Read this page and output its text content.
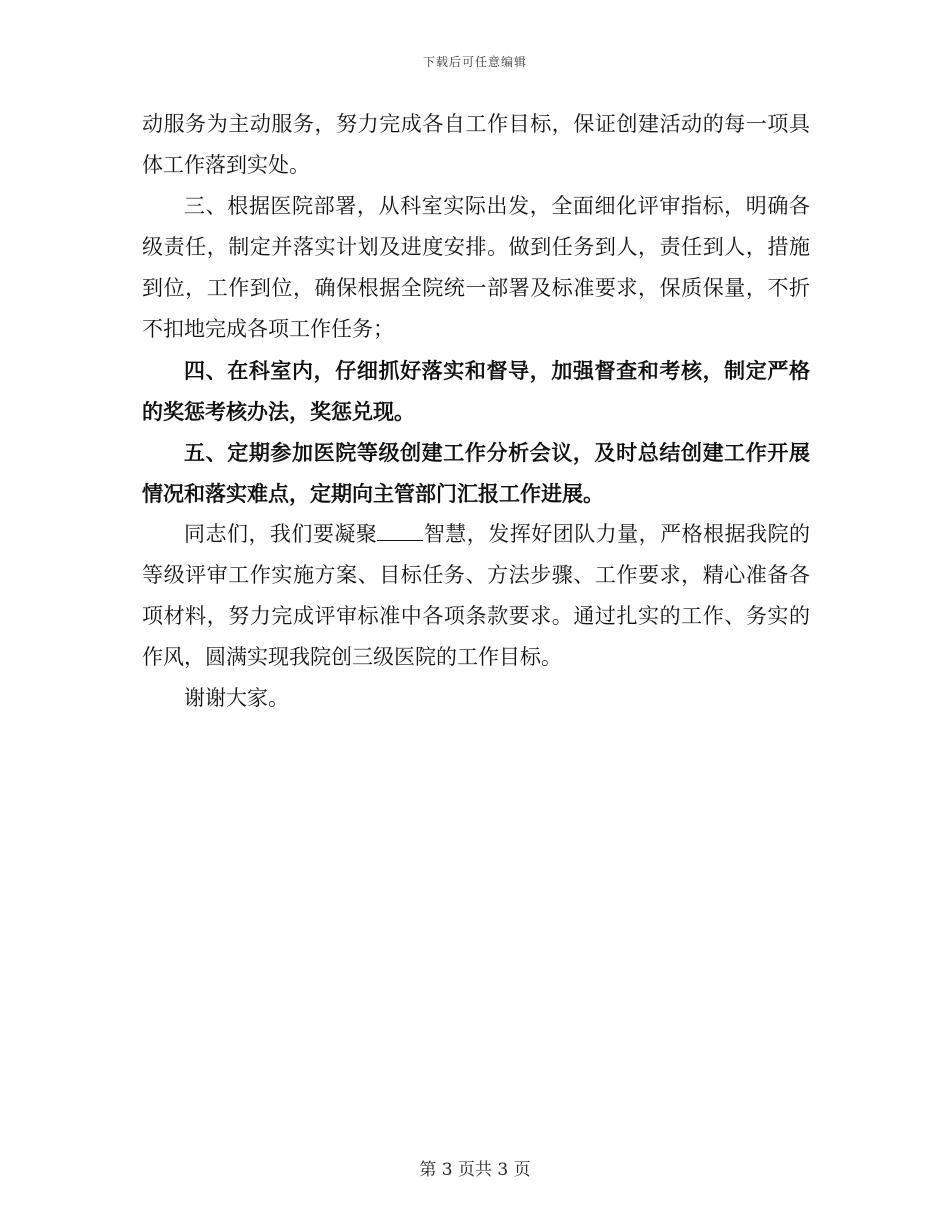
下载后可任意编辑

动服务为主动服务，努力完成各自工作目标，保证创建活动的每一项具体工作落到实处。

三、根据医院部署，从科室实际出发，全面细化评审指标，明确各级责任，制定并落实计划及进度安排。做到任务到人，责任到人，措施到位，工作到位，确保根据全院统一部署及标准要求，保质保量，不折不扣地完成各项工作任务；

四、在科室内，仔细抓好落实和督导，加强督查和考核，制定严格的奖惩考核办法，奖惩兑现。

五、定期参加医院等级创建工作分析会议，及时总结创建工作开展情况和落实难点，定期向主管部门汇报工作进展。

同志们，我们要凝聚 智慧，发挥好团队力量，严格根据我院的等级评审工作实施方案、目标任务、方法步骤、工作要求，精心准备各项材料，努力完成评审标准中各项条款要求。通过扎实的工作、务实的作风，圆满实现我院创三级医院的工作目标。

谢谢大家。

第 3 页共 3 页
